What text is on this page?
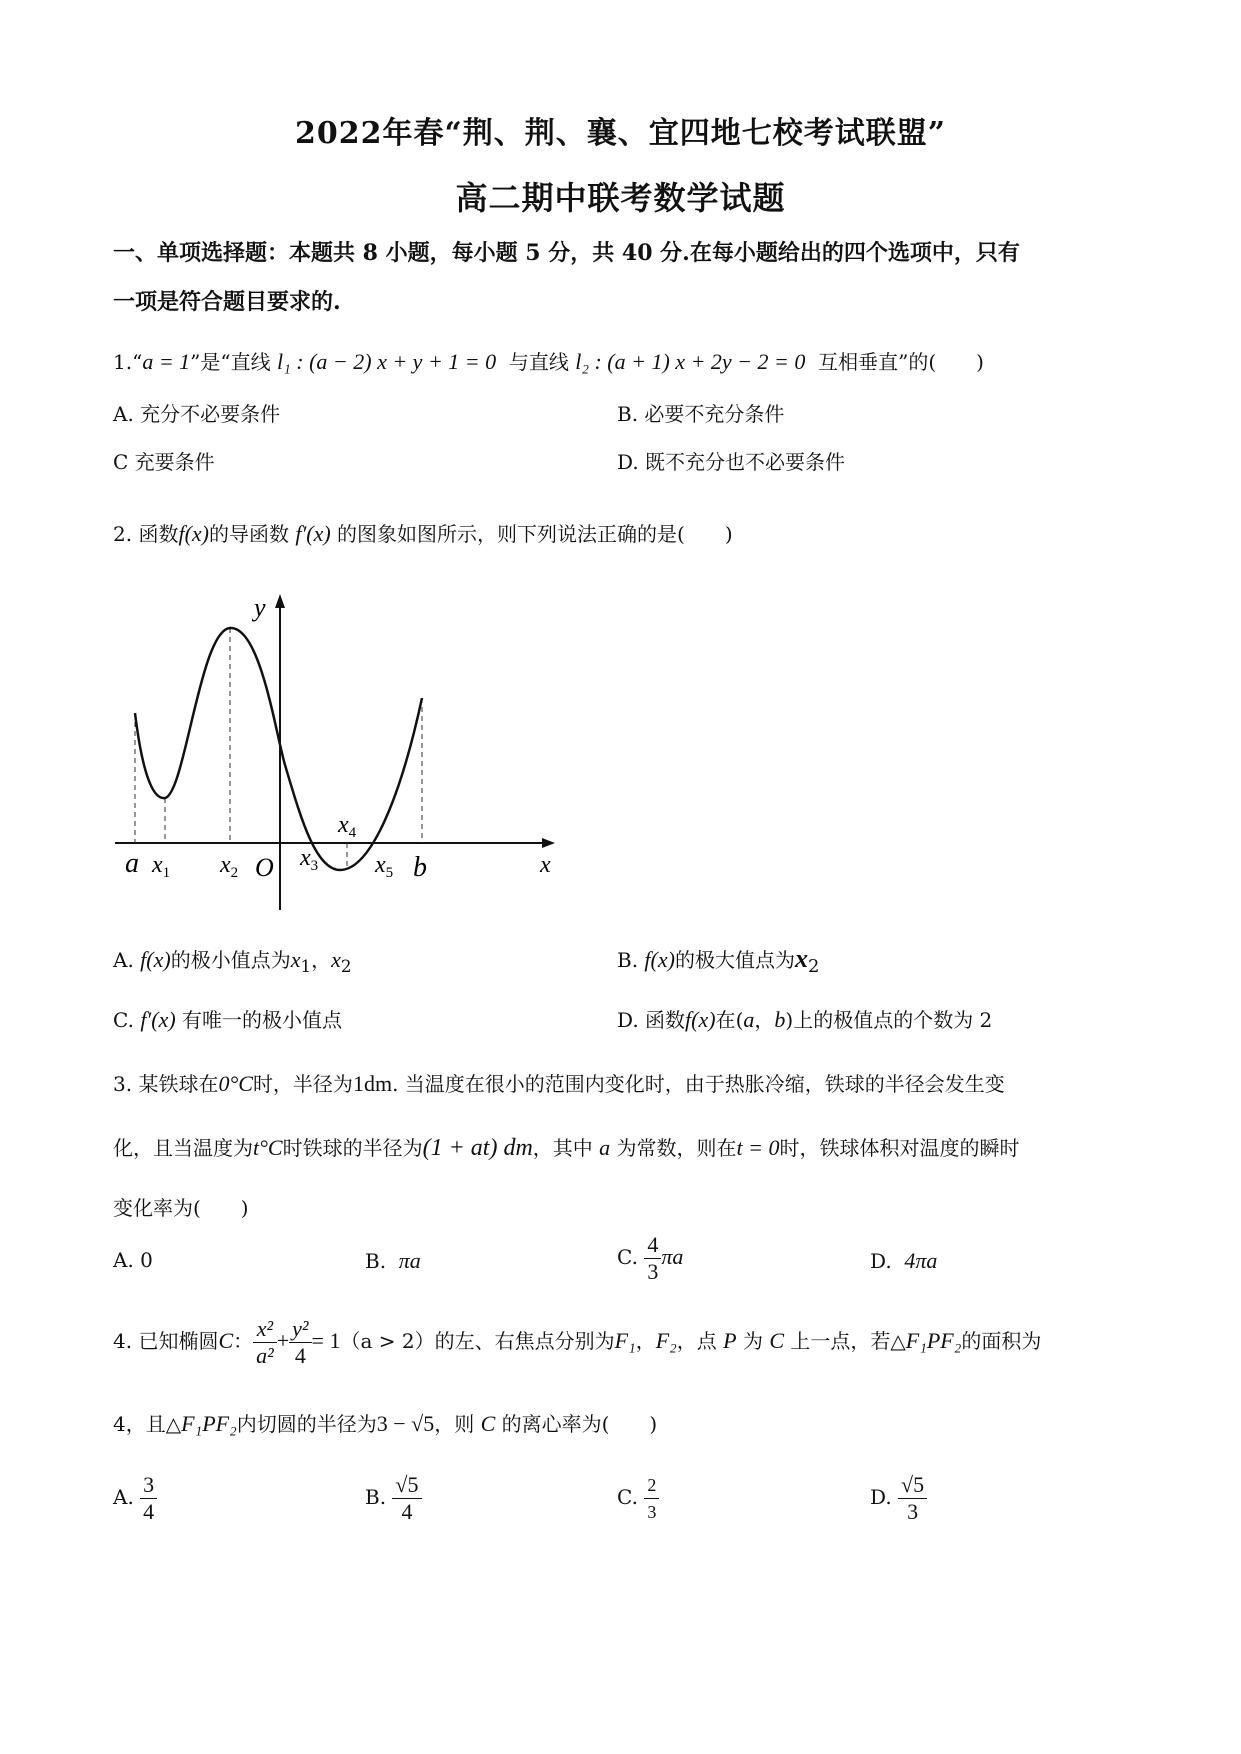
2022年春“荆、荆、襄、宜四地七校考试联盟”
高二期中联考数学试题
一、单项选择题：本题共 8 小题，每小题 5 分，共 40 分.在每小题给出的四个选项中，只有
一项是符合题目要求的.
1.“a = 1”是“直线 l₁ : (a − 2) x + y + 1 = 0 与直线 l₂ : (a + 1) x + 2y − 2 = 0 互相垂直”的(　　)
A. 充分不必要条件	B. 必要不充分条件
C 充要条件	D. 既不充分也不必要条件
2. 函数f(x)的导函数 f′(x) 的图象如图所示，则下列说法正确的是(　　)
y
x
O
a	b
$x_1$ $x_2$
$x_3$
$x_4$
$x_5$
A. f(x)的极小值点为$x_1$，$x_2$	B. f(x)的极大值点为$x_2$
C. f′(x) 有唯一的极小值点	D. 函数f(x)在(a，b)上的极值点的个数为 2
3. 某铁球在0°C时，半径为1dm. 当温度在很小的范围内变化时，由于热胀冷缩，铁球的半径会发生变
化，且当温度为t°C时铁球的半径为(1 + at) dm，其中 a 为常数，则在t = 0时，铁球体积对温度的瞬时
变化率为(　　)
A. 0	B. πa	C. $\frac{4}{3}$ πa	D. 4πa
4. 已知椭圆C： $\frac{\text{x²}}{\text{a²}} + \frac{\text{y²}}{4} = 1(a > 2)$的左、右焦点分别为F₁，F₂，点 P 为 C 上一点，若△F₁PF₂的面积为
4，且△F₁PF₂内切圆的半径为3 − √5，则 C 的离心率为(　　)
A. $\frac{3}{4}$	B. $\frac{√5}{4}$	C. $\frac{2}{3}$	D. $\frac{√5}{3}$
